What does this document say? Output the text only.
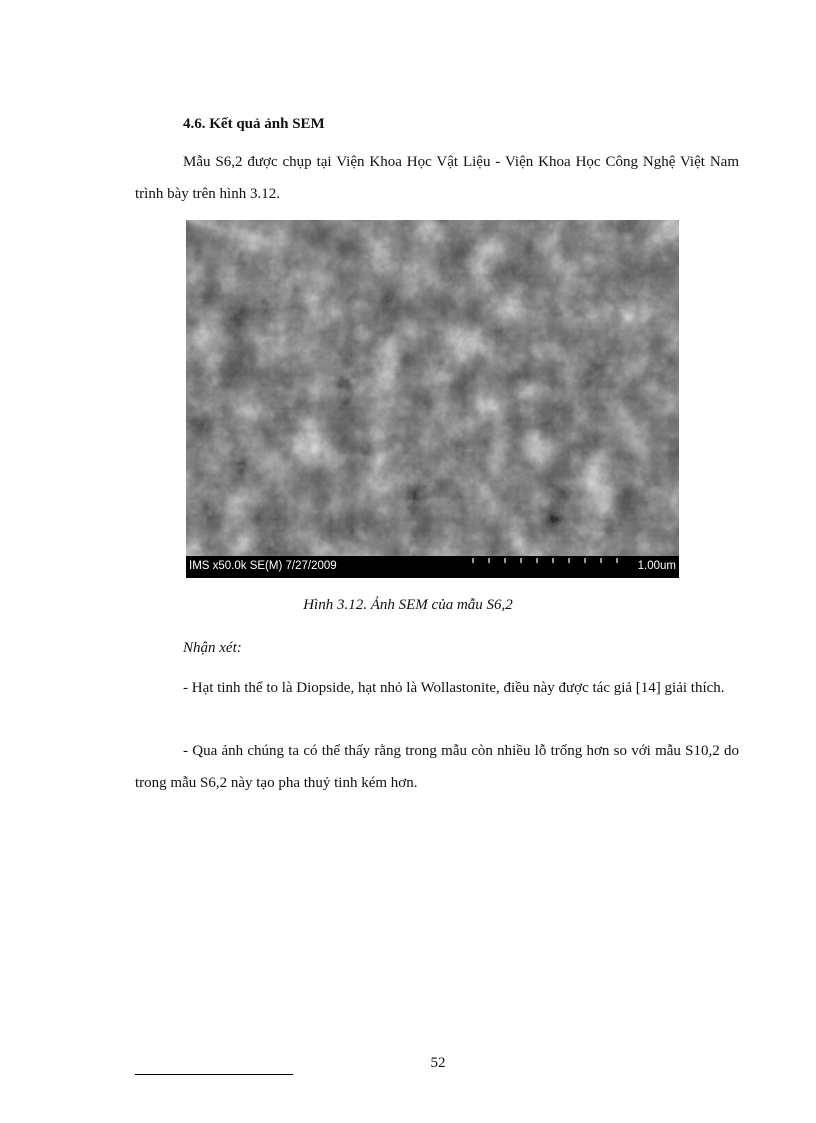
4.6. Kết quả ảnh SEM

Mẫu S6,2 được chụp tại Viện Khoa Học Vật Liệu - Viện Khoa Học Công Nghệ Việt Nam trình bày trên hình 3.12.

IMS x50.0k SE(M) 7/27/2009	1.00um

Hình 3.12. Ảnh SEM của mẫu S6,2

Nhận xét:

- Hạt tinh thể to là Diopside, hạt nhỏ là Wollastonite, điều này được tác giả [14] giải thích.

- Qua ảnh chúng ta có thể thấy rằng trong mẫu còn nhiều lỗ trống hơn so với mẫu S10,2 do trong mẫu S6,2 này tạo pha thuỷ tinh kém hơn.

52
